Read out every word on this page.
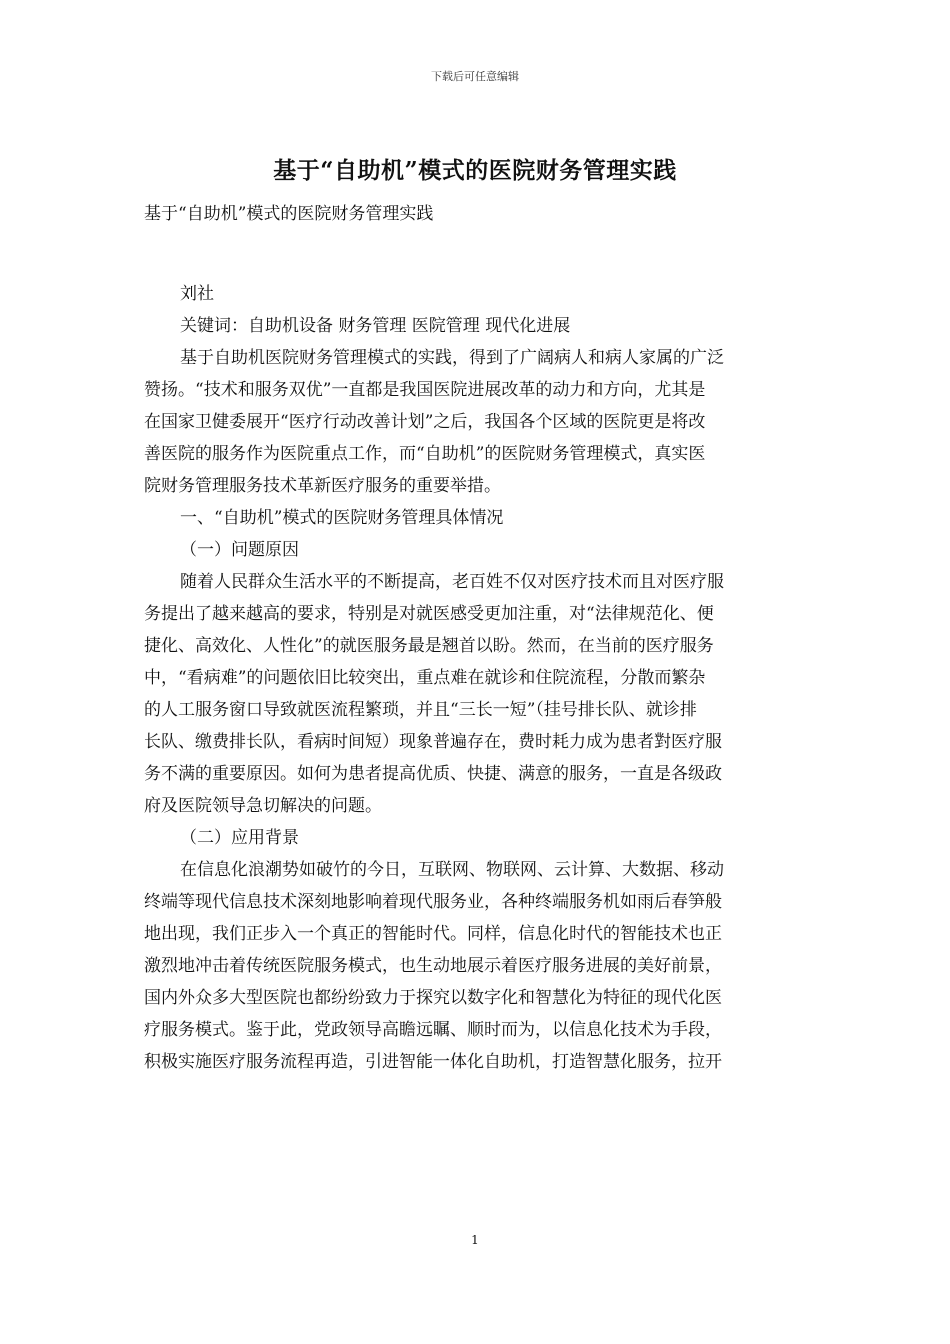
下载后可任意编辑
基于“自助机”模式的医院财务管理实践
基于“自助机”模式的医院财务管理实践
刘社
关键词：自助机设备 财务管理 医院管理 现代化进展
基于自助机医院财务管理模式的实践，得到了广阔病人和病人家属的广泛
赞扬。“技术和服务双优”一直都是我国医院进展改革的动力和方向，尤其是
在国家卫健委展开“医疗行动改善计划”之后，我国各个区域的医院更是将改
善医院的服务作为医院重点工作，而“自助机”的医院财务管理模式，真实医
院财务管理服务技术革新医疗服务的重要举措。
一、“自助机”模式的医院财务管理具体情况
（一）问题原因
随着人民群众生活水平的不断提高，老百姓不仅对医疗技术而且对医疗服
务提出了越来越高的要求，特别是对就医感受更加注重，对“法律规范化、便
捷化、高效化、人性化”的就医服务最是翘首以盼。然而，在当前的医疗服务
中，“看病难”的问题依旧比较突出，重点难在就诊和住院流程，分散而繁杂
的人工服务窗口导致就医流程繁琐，并且“三长一短”（挂号排长队、就诊排
长队、缴费排长队，看病时间短）现象普遍存在，费时耗力成为患者對医疗服
务不满的重要原因。如何为患者提高优质、快捷、满意的服务，一直是各级政
府及医院领导急切解决的问题。
（二）应用背景
在信息化浪潮势如破竹的今日，互联网、物联网、云计算、大数据、移动
终端等现代信息技术深刻地影响着现代服务业，各种终端服务机如雨后春笋般
地出现，我们正步入一个真正的智能时代。同样，信息化时代的智能技术也正
激烈地冲击着传统医院服务模式，也生动地展示着医疗服务进展的美好前景，
国内外众多大型医院也都纷纷致力于探究以数字化和智慧化为特征的现代化医
疗服务模式。鉴于此，党政领导高瞻远瞩、顺时而为，以信息化技术为手段，
积极实施医疗服务流程再造，引进智能一体化自助机，打造智慧化服务，拉开
1
